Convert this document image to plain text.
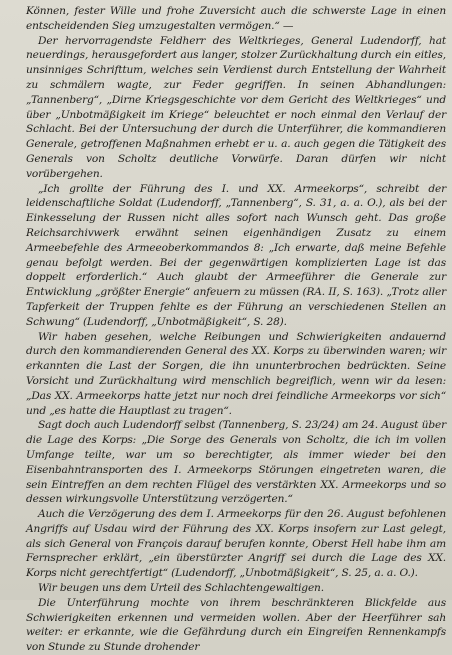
Können, fester Wille und frohe Zuversicht auch die schwerste Lage in einen entscheidenden Sieg umzugestalten vermögen.“ —

Der hervorragendste Feldherr des Weltkrieges, General Ludendorff, hat neuerdings, herausgefordert aus langer, stolzer Zurückhaltung durch ein eitles, unsinniges Schrifttum, welches sein Verdienst durch Entstellung der Wahrheit zu schmälern wagte, zur Feder gegriffen. In seinen Abhandlungen: „Tannenberg“, „Dirne Kriegsgeschichte vor dem Gericht des Weltkrieges“ und über „Unbotmäßigkeit im Kriege“ beleuchtet er noch einmal den Verlauf der Schlacht. Bei der Untersuchung der durch die Unterführer, die kommandieren Generale, getroffenen Maßnahmen erhebt er u. a. auch gegen die Tätigkeit des Generals von Scholtz deutliche Vorwürfe. Daran dürfen wir nicht vorübergehen.

„Ich grollte der Führung des I. und XX. Armeekorps“, schreibt der leidenschaftliche Soldat (Ludendorff, „Tannenberg“, S. 31, a. a. O.), als bei der Einkesselung der Russen nicht alles sofort nach Wunsch geht. Das große Reichsarchivwerk erwähnt seinen eigenhändigen Zusatz zu einem Armeebefehle des Armeeoberkommandos 8: „Ich erwarte, daß meine Befehle genau befolgt werden. Bei der gegenwärtigen komplizierten Lage ist das doppelt erforderlich.“ Auch glaubt der Armeeführer die Generale zur Entwicklung „größter Energie“ anfeuern zu müssen (RA. II, S. 163). „Trotz aller Tapferkeit der Truppen fehlte es der Führung an verschiedenen Stellen an Schwung“ (Ludendorff, „Unbotmäßigkeit“, S. 28).

Wir haben gesehen, welche Reibungen und Schwierigkeiten andauernd durch den kommandierenden General des XX. Korps zu überwinden waren; wir erkannten die Last der Sorgen, die ihn ununterbrochen bedrückten. Seine Vorsicht und Zurückhaltung wird menschlich begreiflich, wenn wir da lesen: „Das XX. Armeekorps hatte jetzt nur noch drei feindliche Armeekorps vor sich“ und „es hatte die Hauptlast zu tragen“.

Sagt doch auch Ludendorff selbst (Tannenberg, S. 23/24) am 24. August über die Lage des Korps: „Die Sorge des Generals von Scholtz, die ich im vollen Umfange teilte, war um so berechtigter, als immer wieder bei den Eisenbahntransporten des I. Armeekorps Störungen eingetreten waren, die sein Eintreffen an dem rechten Flügel des verstärkten XX. Armeekorps und so dessen wirkungsvolle Unterstützung verzögerten.“

Auch die Verzögerung des dem I. Armeekorps für den 26. August befohlenen Angriffs auf Usdau wird der Führung des XX. Korps insofern zur Last gelegt, als sich General von François darauf berufen konnte, Oberst Hell habe ihm am Fernsprecher erklärt, „ein überstürzter Angriff sei durch die Lage des XX. Korps nicht gerechtfertigt“ (Ludendorff, „Unbotmäßigkeit“, S. 25, a. a. O.).

Wir beugen uns dem Urteil des Schlachtengewaltigen.

Die Unterführung mochte von ihrem beschränkteren Blickfelde aus Schwierigkeiten erkennen und vermeiden wollen. Aber der Heerführer sah weiter: er erkannte, wie die Gefährdung durch ein Eingreifen Rennenkampfs von Stunde zu Stunde drohender
